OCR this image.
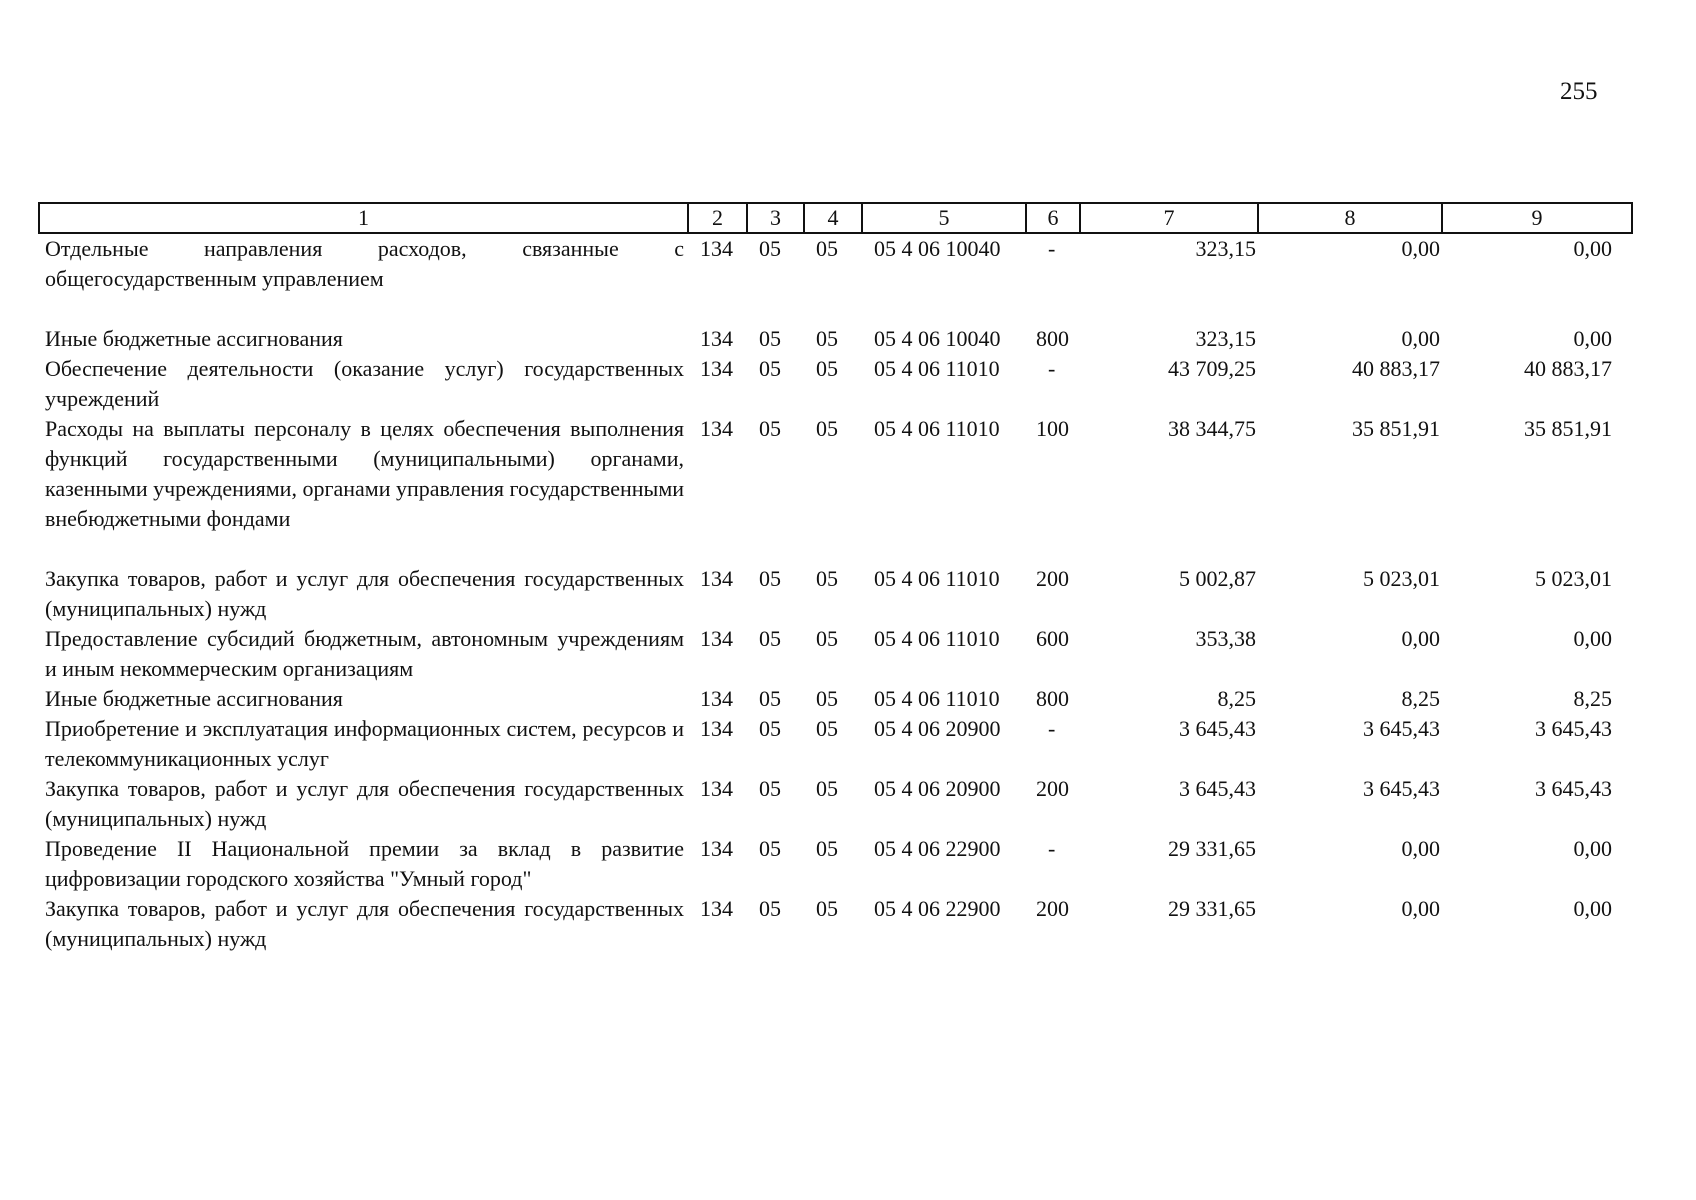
255
1	2	3	4	5	6	7	8	9
Отдельные направления расходов, связанные с общегосударственным управлением	134	05	05	05 4 06 10040	-	323,15	0,00	0,00
Иные бюджетные ассигнования	134	05	05	05 4 06 10040	800	323,15	0,00	0,00
Обеспечение деятельности (оказание услуг) государственных учреждений	134	05	05	05 4 06 11010	-	43 709,25	40 883,17	40 883,17
Расходы на выплаты персоналу в целях обеспечения выполнения функций государственными (муниципальными) органами, казенными учреждениями, органами управления государственными внебюджетными фондами	134	05	05	05 4 06 11010	100	38 344,75	35 851,91	35 851,91
Закупка товаров, работ и услуг для обеспечения государственных (муниципальных) нужд	134	05	05	05 4 06 11010	200	5 002,87	5 023,01	5 023,01
Предоставление субсидий бюджетным, автономным учреждениям и иным некоммерческим организациям	134	05	05	05 4 06 11010	600	353,38	0,00	0,00
Иные бюджетные ассигнования	134	05	05	05 4 06 11010	800	8,25	8,25	8,25
Приобретение и эксплуатация информационных систем, ресурсов и телекоммуникационных услуг	134	05	05	05 4 06 20900	-	3 645,43	3 645,43	3 645,43
Закупка товаров, работ и услуг для обеспечения государственных (муниципальных) нужд	134	05	05	05 4 06 20900	200	3 645,43	3 645,43	3 645,43
Проведение II Национальной премии за вклад в развитие цифровизации городского хозяйства "Умный город"	134	05	05	05 4 06 22900	-	29 331,65	0,00	0,00
Закупка товаров, работ и услуг для обеспечения государственных (муниципальных) нужд	134	05	05	05 4 06 22900	200	29 331,65	0,00	0,00
